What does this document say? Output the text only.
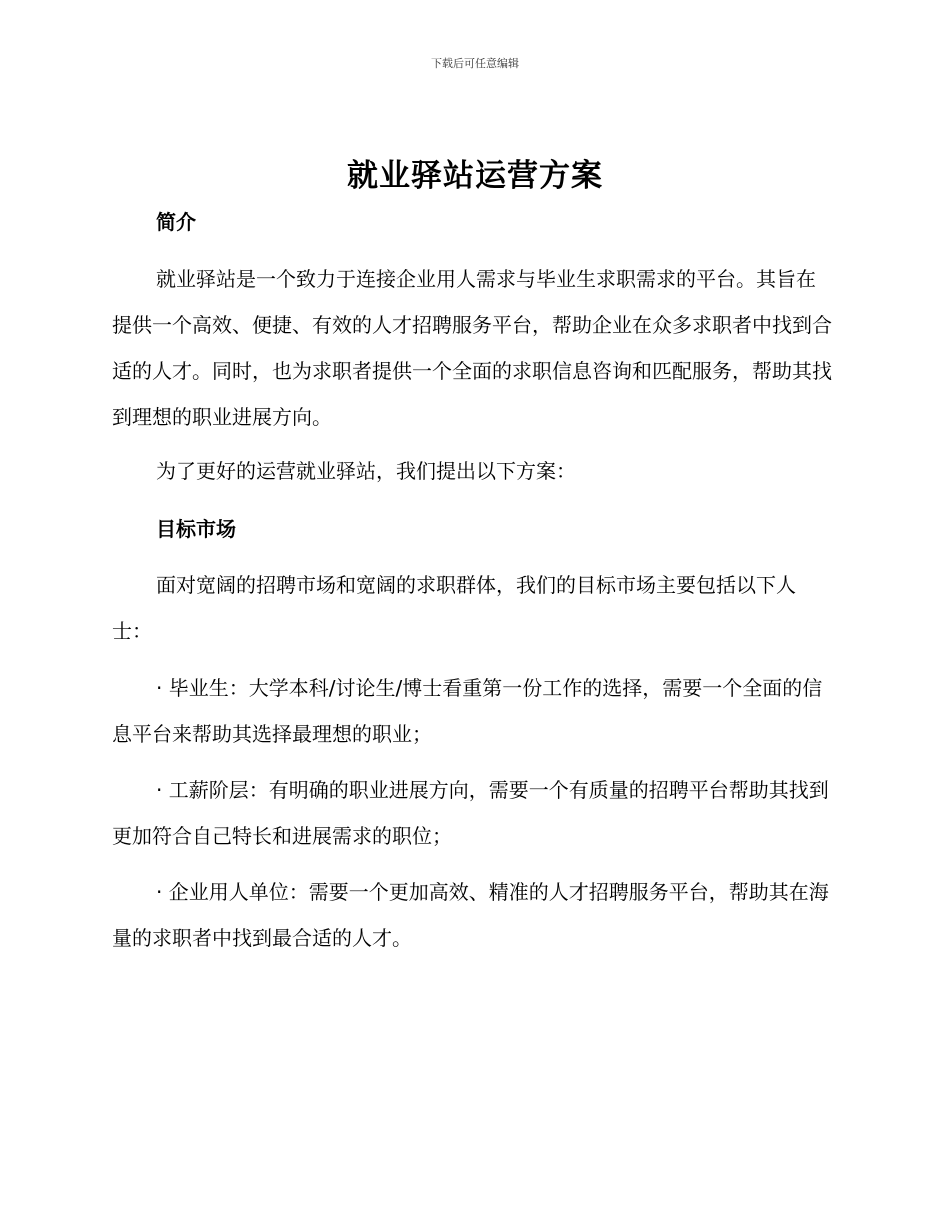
下载后可任意编辑
就业驿站运营方案
简介

就业驿站是一个致力于连接企业用人需求与毕业生求职需求的平台。其旨在提供一个高效、便捷、有效的人才招聘服务平台，帮助企业在众多求职者中找到合适的人才。同时，也为求职者提供一个全面的求职信息咨询和匹配服务，帮助其找到理想的职业进展方向。

为了更好的运营就业驿站，我们提出以下方案：

目标市场

面对宽阔的招聘市场和宽阔的求职群体，我们的目标市场主要包括以下人士：

· 毕业生：大学本科/讨论生/博士看重第一份工作的选择，需要一个全面的信息平台来帮助其选择最理想的职业；

· 工薪阶层：有明确的职业进展方向，需要一个有质量的招聘平台帮助其找到更加符合自己特长和进展需求的职位；

· 企业用人单位：需要一个更加高效、精准的人才招聘服务平台，帮助其在海量的求职者中找到最合适的人才。
